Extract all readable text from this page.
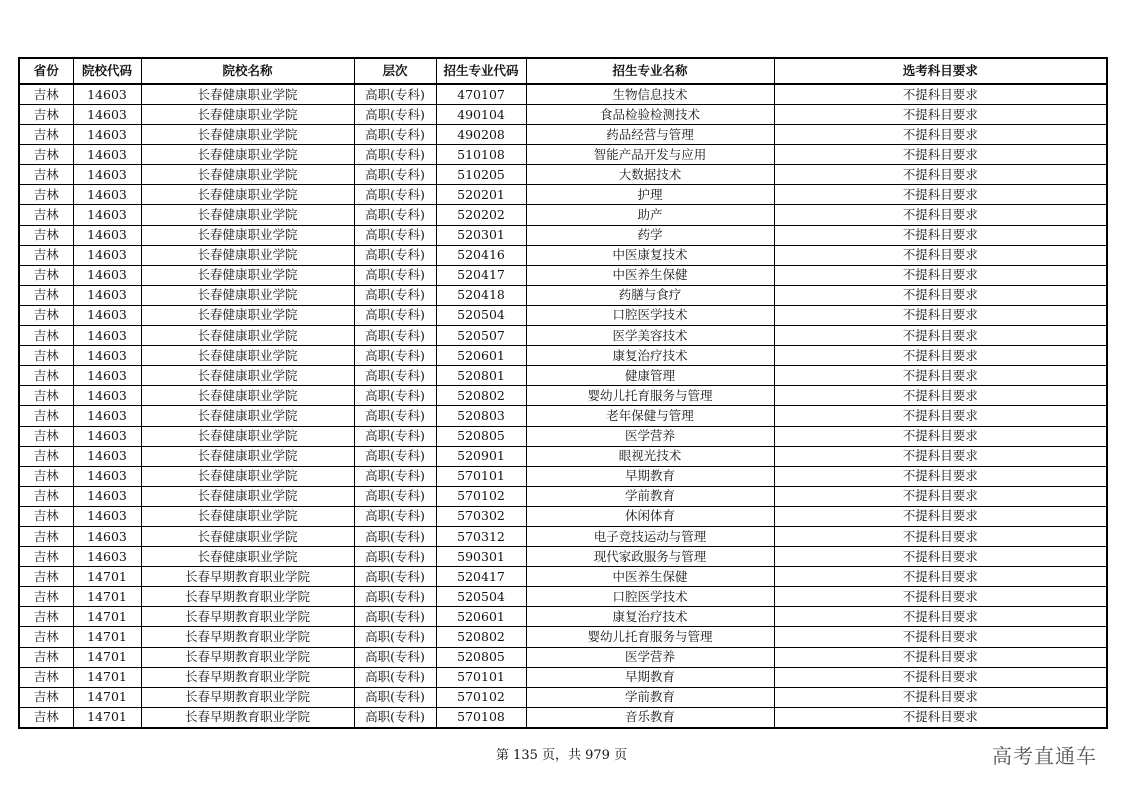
省份	院校代码	院校名称	层次	招生专业代码	招生专业名称	选考科目要求
吉林	14603	长春健康职业学院	高职(专科)	470107	生物信息技术	不提科目要求
吉林	14603	长春健康职业学院	高职(专科)	490104	食品检验检测技术	不提科目要求
吉林	14603	长春健康职业学院	高职(专科)	490208	药品经营与管理	不提科目要求
吉林	14603	长春健康职业学院	高职(专科)	510108	智能产品开发与应用	不提科目要求
吉林	14603	长春健康职业学院	高职(专科)	510205	大数据技术	不提科目要求
吉林	14603	长春健康职业学院	高职(专科)	520201	护理	不提科目要求
吉林	14603	长春健康职业学院	高职(专科)	520202	助产	不提科目要求
吉林	14603	长春健康职业学院	高职(专科)	520301	药学	不提科目要求
吉林	14603	长春健康职业学院	高职(专科)	520416	中医康复技术	不提科目要求
吉林	14603	长春健康职业学院	高职(专科)	520417	中医养生保健	不提科目要求
吉林	14603	长春健康职业学院	高职(专科)	520418	药膳与食疗	不提科目要求
吉林	14603	长春健康职业学院	高职(专科)	520504	口腔医学技术	不提科目要求
吉林	14603	长春健康职业学院	高职(专科)	520507	医学美容技术	不提科目要求
吉林	14603	长春健康职业学院	高职(专科)	520601	康复治疗技术	不提科目要求
吉林	14603	长春健康职业学院	高职(专科)	520801	健康管理	不提科目要求
吉林	14603	长春健康职业学院	高职(专科)	520802	婴幼儿托育服务与管理	不提科目要求
吉林	14603	长春健康职业学院	高职(专科)	520803	老年保健与管理	不提科目要求
吉林	14603	长春健康职业学院	高职(专科)	520805	医学营养	不提科目要求
吉林	14603	长春健康职业学院	高职(专科)	520901	眼视光技术	不提科目要求
吉林	14603	长春健康职业学院	高职(专科)	570101	早期教育	不提科目要求
吉林	14603	长春健康职业学院	高职(专科)	570102	学前教育	不提科目要求
吉林	14603	长春健康职业学院	高职(专科)	570302	休闲体育	不提科目要求
吉林	14603	长春健康职业学院	高职(专科)	570312	电子竞技运动与管理	不提科目要求
吉林	14603	长春健康职业学院	高职(专科)	590301	现代家政服务与管理	不提科目要求
吉林	14701	长春早期教育职业学院	高职(专科)	520417	中医养生保健	不提科目要求
吉林	14701	长春早期教育职业学院	高职(专科)	520504	口腔医学技术	不提科目要求
吉林	14701	长春早期教育职业学院	高职(专科)	520601	康复治疗技术	不提科目要求
吉林	14701	长春早期教育职业学院	高职(专科)	520802	婴幼儿托育服务与管理	不提科目要求
吉林	14701	长春早期教育职业学院	高职(专科)	520805	医学营养	不提科目要求
吉林	14701	长春早期教育职业学院	高职(专科)	570101	早期教育	不提科目要求
吉林	14701	长春早期教育职业学院	高职(专科)	570102	学前教育	不提科目要求
吉林	14701	长春早期教育职业学院	高职(专科)	570108	音乐教育	不提科目要求
第 135 页，共 979 页	高考直通车
